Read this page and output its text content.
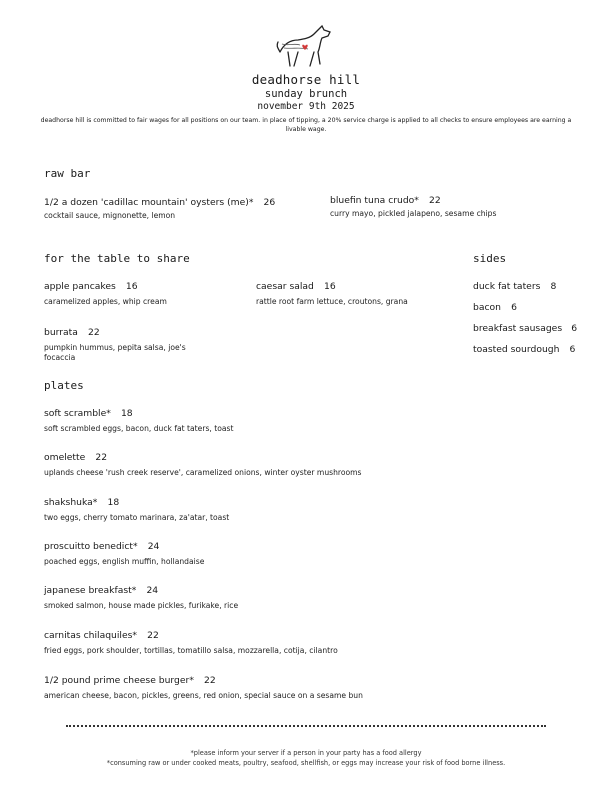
deadhorse hill
sunday brunch
november 9th 2025
deadhorse hill is committed to fair wages for all positions on our team. in place of tipping, a 20% service charge is applied to all checks to ensure employees are earning a livable wage.
raw bar
1/2 a dozen 'cadillac mountain' oysters (me)* 26
cocktail sauce, mignonette, lemon
bluefin tuna crudo* 22
curry mayo, pickled jalapeno, sesame chips
for the table to share
apple pancakes 16
caramelized apples, whip cream
caesar salad 16
rattle root farm lettuce, croutons, grana
burrata 22
pumpkin hummus, pepita salsa, joe's
focaccia
sides
duck fat taters 8
bacon 6
breakfast sausages 6
toasted sourdough 6
plates
soft scramble* 18
soft scrambled eggs, bacon, duck fat taters, toast
omelette 22
uplands cheese 'rush creek reserve', caramelized onions, winter oyster mushrooms
shakshuka* 18
two eggs, cherry tomato marinara, za'atar, toast
proscuitto benedict* 24
poached eggs, english muffin, hollandaise
japanese breakfast* 24
smoked salmon, house made pickles, furikake, rice
carnitas chilaquiles* 22
fried eggs, pork shoulder, tortillas, tomatillo salsa, mozzarella, cotija, cilantro
1/2 pound prime cheese burger* 22
american cheese, bacon, pickles, greens, red onion, special sauce on a sesame bun
*please inform your server if a person in your party has a food allergy
*consuming raw or under cooked meats, poultry, seafood, shellfish, or eggs may increase your risk of food borne illness.
